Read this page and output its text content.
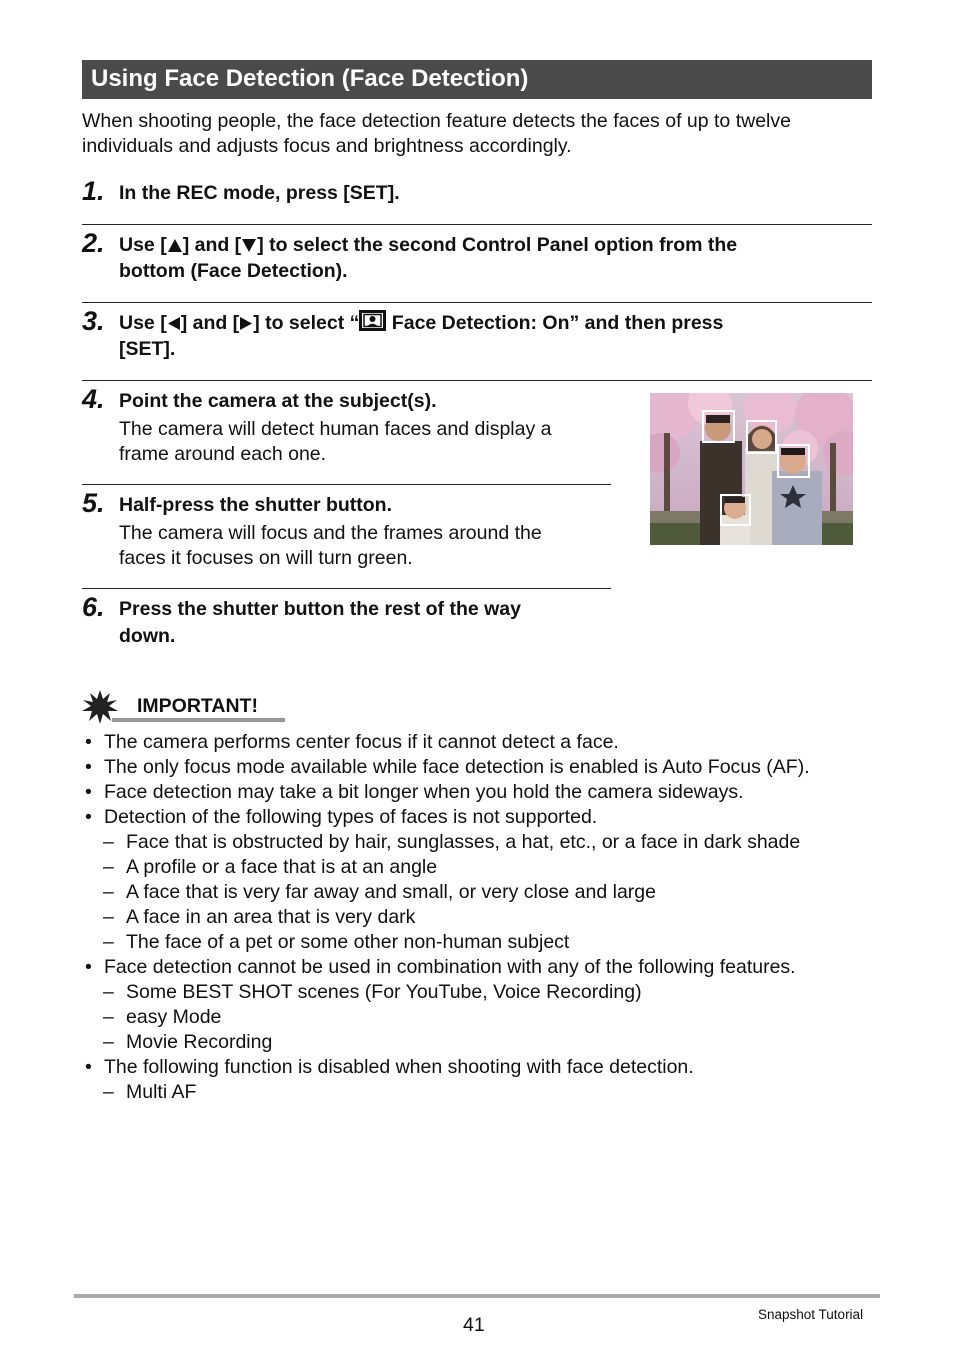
Using Face Detection (Face Detection)
When shooting people, the face detection feature detects the faces of up to twelve individuals and adjusts focus and brightness accordingly.
1. In the REC mode, press [SET].
2. Use [ ] and [ ] to select the second Control Panel option from the
bottom (Face Detection).
3. Use [ ] and [ ] to select “ Face Detection: On” and then press
[SET].
4. Point the camera at the subject(s).
The camera will detect human faces and display a
frame around each one.
5. Half-press the shutter button.
The camera will focus and the frames around the
faces it focuses on will turn green.
6. Press the shutter button the rest of the way
down.
IMPORTANT!
• The camera performs center focus if it cannot detect a face.
• The only focus mode available while face detection is enabled is Auto Focus (AF).
• Face detection may take a bit longer when you hold the camera sideways.
• Detection of the following types of faces is not supported.
– Face that is obstructed by hair, sunglasses, a hat, etc., or a face in dark shade
– A profile or a face that is at an angle
– A face that is very far away and small, or very close and large
– A face in an area that is very dark
– The face of a pet or some other non-human subject
• Face detection cannot be used in combination with any of the following features.
– Some BEST SHOT scenes (For YouTube, Voice Recording)
– easy Mode
– Movie Recording
• The following function is disabled when shooting with face detection.
– Multi AF
41	Snapshot Tutorial
